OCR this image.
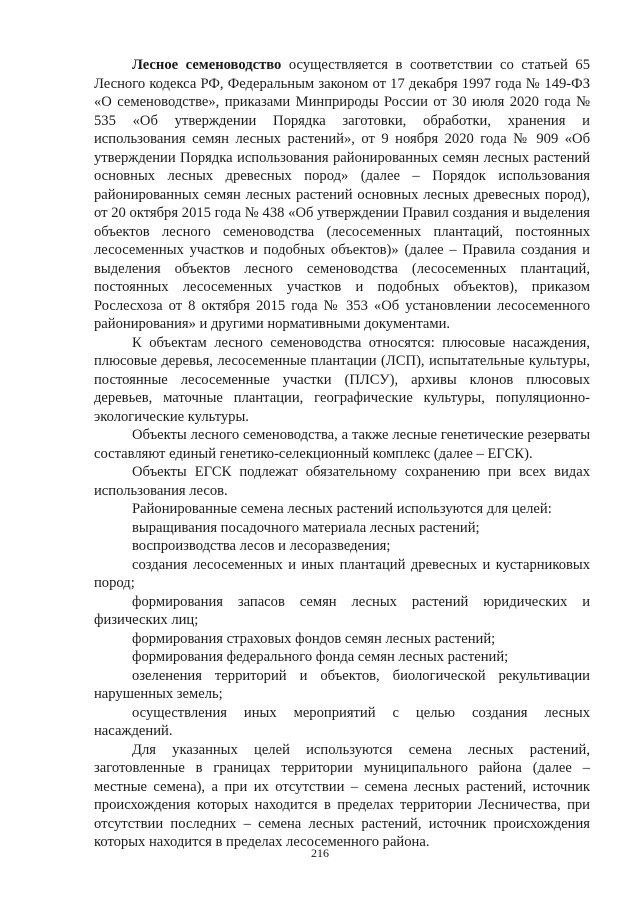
Лесное семеноводство осуществляется в соответствии со статьей 65 Лесного кодекса РФ, Федеральным законом от 17 декабря 1997 года № 149-ФЗ «О семеноводстве», приказами Минприроды России от 30 июля 2020 года № 535 «Об утверждении Порядка заготовки, обработки, хранения и использования семян лесных растений», от 9 ноября 2020 года № 909 «Об утверждении Порядка использования районированных семян лесных растений основных лесных древесных пород» (далее – Порядок использования районированных семян лесных растений основных лесных древесных пород), от 20 октября 2015 года № 438 «Об утверждении Правил создания и выделения объектов лесного семеноводства (лесосеменных плантаций, постоянных лесосеменных участков и подобных объектов)» (далее – Правила создания и выделения объектов лесного семеноводства (лесосеменных плантаций, постоянных лесосеменных участков и подобных объектов), приказом Рослесхоза от 8 октября 2015 года № 353 «Об установлении лесосеменного районирования» и другими нормативными документами.

К объектам лесного семеноводства относятся: плюсовые насаждения, плюсовые деревья, лесосеменные плантации (ЛСП), испытательные культуры, постоянные лесосеменные участки (ПЛСУ), архивы клонов плюсовых деревьев, маточные плантации, географические культуры, популяционно-экологические культуры.

Объекты лесного семеноводства, а также лесные генетические резерваты составляют единый генетико-селекционный комплекс (далее – ЕГСК).

Объекты ЕГСК подлежат обязательному сохранению при всех видах использования лесов.

Районированные семена лесных растений используются для целей:

выращивания посадочного материала лесных растений;

воспроизводства лесов и лесоразведения;

создания лесосеменных и иных плантаций древесных и кустарниковых пород;

формирования запасов семян лесных растений юридических и физических лиц;

формирования страховых фондов семян лесных растений;

формирования федерального фонда семян лесных растений;

озеленения территорий и объектов, биологической рекультивации нарушенных земель;

осуществления иных мероприятий с целью создания лесных насаждений.

Для указанных целей используются семена лесных растений, заготовленные в границах территории муниципального района (далее – местные семена), а при их отсутствии – семена лесных растений, источник происхождения которых находится в пределах территории Лесничества, при отсутствии последних – семена лесных растений, источник происхождения которых находится в пределах лесосеменного района.

216
